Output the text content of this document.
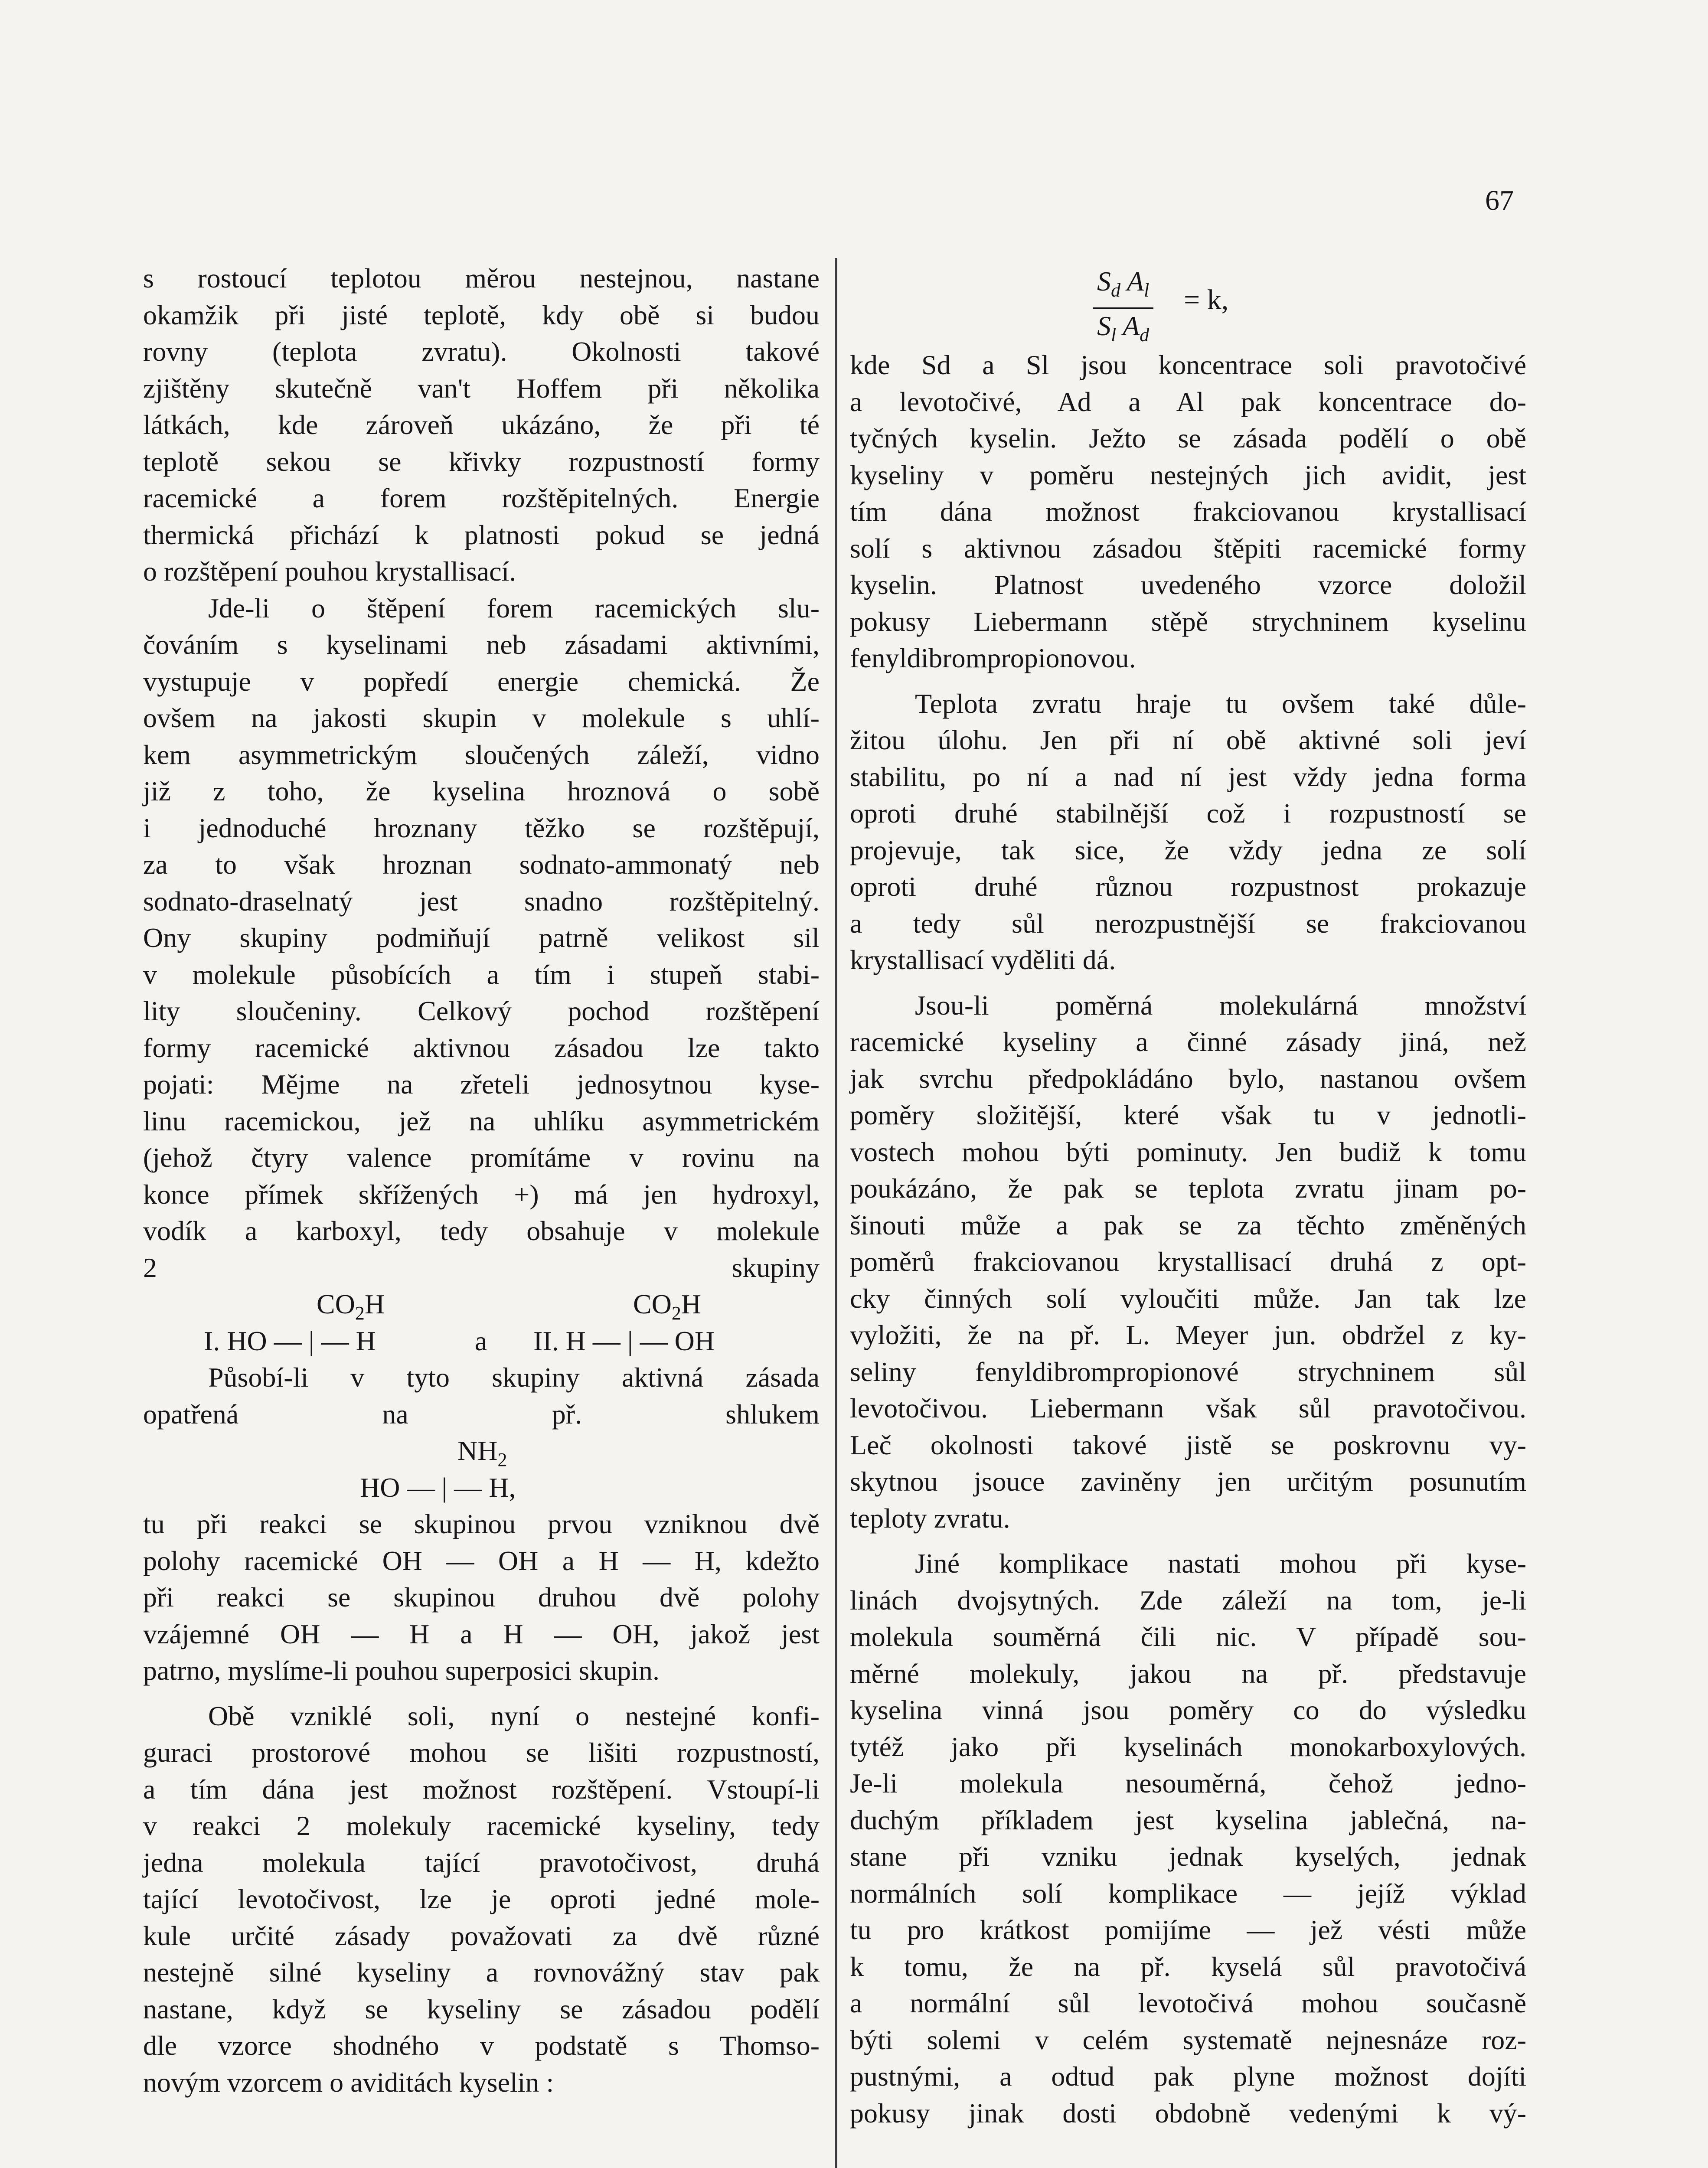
67
s rostoucí teplotou měrou nestejnou, nastane
okamžik při jisté teplotě, kdy obě si budou
rovny (teplota zvratu). Okolnosti takové
zjištěny skutečně van't Hoffem při několika
látkách, kde zároveň ukázáno, že při té
teplotě sekou se křivky rozpustností formy
racemické a forem rozštěpitelných. Energie
thermická přichází k platnosti pokud se jedná
o rozštěpení pouhou krystallisací.
Jde-li o štěpení forem racemických slu-
čováním s kyselinami neb zásadami aktivními,
vystupuje v popředí energie chemická. Že
ovšem na jakosti skupin v molekule s uhlí-
kem asymmetrickým sloučených záleží, vidno
již z toho, že kyselina hroznová o sobě
i jednoduché hroznany těžko se rozštěpují,
za to však hroznan sodnato-ammonatý neb
sodnato-draselnatý jest snadno rozštěpitelný.
Ony skupiny podmiňují patrně velikost sil
v molekule působících a tím i stupeň stabi-
lity sloučeniny. Celkový pochod rozštěpení
formy racemické aktivnou zásadou lze takto
pojati: Mějme na zřeteli jednosytnou kyse-
linu racemickou, jež na uhlíku asymmetrickém
(jehož čtyry valence promítáme v rovinu na
konce přímek skřížených +) má jen hydroxyl,
vodík a karboxyl, tedy obsahuje v molekule
2 skupiny
$CO_2H$	$CO_2H$
I. HO — | — H	a II. H — | — OH
Působí-li v tyto skupiny aktivná zásada
opatřená na př. shlukem
$NH_2$
HO — | — H,
tu při reakci se skupinou prvou vzniknou dvě
polohy racemické OH — OH a H — H, kdežto
při reakci se skupinou druhou dvě polohy
vzájemné OH — H a H — OH, jakož jest
patrno, myslíme-li pouhou superposici skupin.
Obě vzniklé soli, nyní o nestejné konfi-
guraci prostorové mohou se lišiti rozpustností,
a tím dána jest možnost rozštěpení. Vstoupí-li
v reakci 2 molekuly racemické kyseliny, tedy
jedna molekula tající pravotočivost, druhá
tající levotočivost, lze je oproti jedné mole-
kule určité zásady považovati za dvě různé
nestejně silné kyseliny a rovnovážný stav pak
nastane, když se kyseliny se zásadou podělí
dle vzorce shodného v podstatě s Thomso-
novým vzorcem o aviditách kyselin :
$S_d$ $A_l$
$S_l$ $A_d$
= k,
kde Sd a Sl jsou koncentrace soli pravotočivé
a levotočivé, Ad a Al pak koncentrace do-
tyčných kyselin. Ježto se zásada podělí o obě
kyseliny v poměru nestejných jich avidit, jest
tím dána možnost frakciovanou krystallisací
solí s aktivnou zásadou štěpiti racemické formy
kyselin. Platnost uvedeného vzorce doložil
pokusy Liebermann stěpě strychninem kyselinu
fenyldibrompropionovou.
Teplota zvratu hraje tu ovšem také důle-
žitou úlohu. Jen při ní obě aktivné soli jeví
stabilitu, po ní a nad ní jest vždy jedna forma
oproti druhé stabilnější což i rozpustností se
projevuje, tak sice, že vždy jedna ze solí
oproti druhé různou rozpustnost prokazuje
a tedy sůl nerozpustnější se frakciovanou
krystallisací vyděliti dá.
Jsou-li poměrná molekulárná množství
racemické kyseliny a činné zásady jiná, než
jak svrchu předpokládáno bylo, nastanou ovšem
poměry složitější, které však tu v jednotli-
vostech mohou býti pominuty. Jen budiž k tomu
poukázáno, že pak se teplota zvratu jinam po-
šinouti může a pak se za těchto změněných
poměrů frakciovanou krystallisací druhá z opt-
cky činných solí vyloučiti může. Jan tak lze
vyložiti, že na př. L. Meyer jun. obdržel z ky-
seliny fenyldibrompropionové strychninem sůl
levotočivou. Liebermann však sůl pravotočivou.
Leč okolnosti takové jistě se poskrovnu vy-
skytnou jsouce zaviněny jen určitým posunutím
teploty zvratu.
Jiné komplikace nastati mohou při kyse-
linách dvojsytných. Zde záleží na tom, je-li
molekula souměrná čili nic. V případě sou-
měrné molekuly, jakou na př. představuje
kyselina vinná jsou poměry co do výsledku
tytéž jako při kyselinách monokarboxylových.
Je-li molekula nesouměrná, čehož jedno-
duchým příkladem jest kyselina jablečná, na-
stane při vzniku jednak kyselých, jednak
normálních solí komplikace — jejíž výklad
tu pro krátkost pomijíme — jež vésti může
k tomu, že na př. kyselá sůl pravotočivá
a normální sůl levotočivá mohou současně
býti solemi v celém systematě nejnesnáze roz-
pustnými, a odtud pak plyne možnost dojíti
pokusy jinak dosti obdobně vedenými k vý-
